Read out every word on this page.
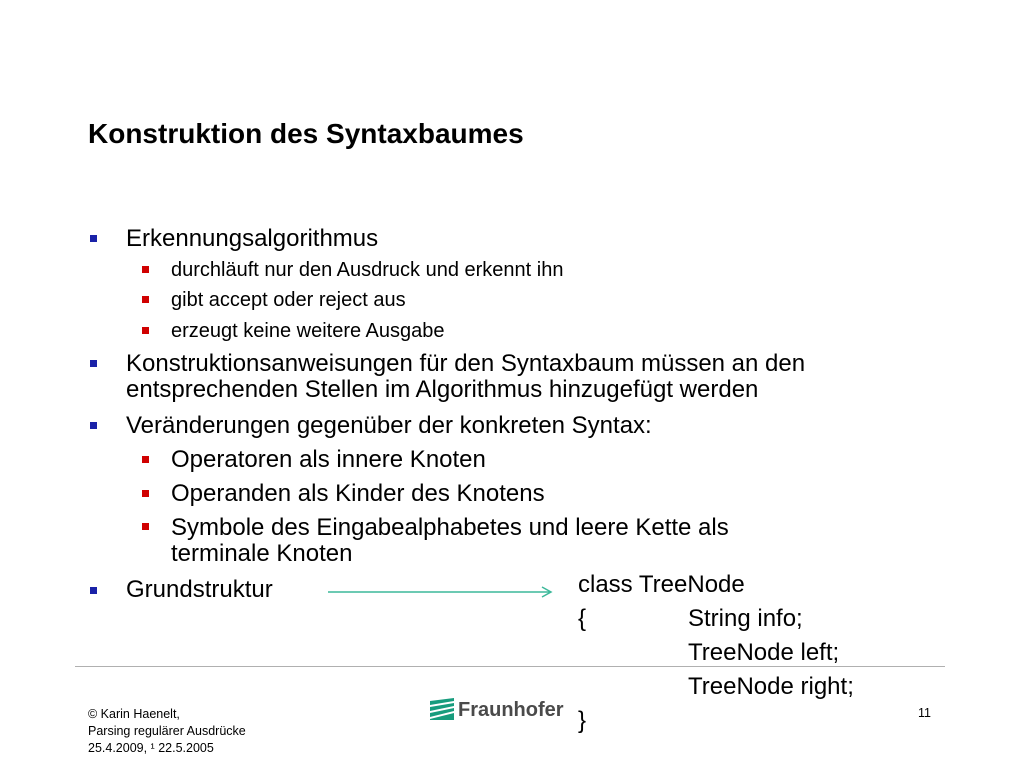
Konstruktion des Syntaxbaumes
Erkennungsalgorithmus
durchläuft nur den Ausdruck und erkennt ihn
gibt accept oder reject aus
erzeugt keine weitere Ausgabe
Konstruktionsanweisungen für den Syntaxbaum müssen an den
entsprechenden Stellen im Algorithmus hinzugefügt werden
Veränderungen gegenüber der konkreten Syntax:
Operatoren als innere Knoten
Operanden als Kinder des Knotens
Symbole des Eingabealphabetes und leere Kette als
terminale Knoten
Grundstruktur	class TreeNode
{	String info;
TreeNode left;
TreeNode right;
}
© Karin Haenelt,
Parsing regulärer Ausdrücke
25.4.2009, ¹ 22.5.2005
Fraunhofer	11
